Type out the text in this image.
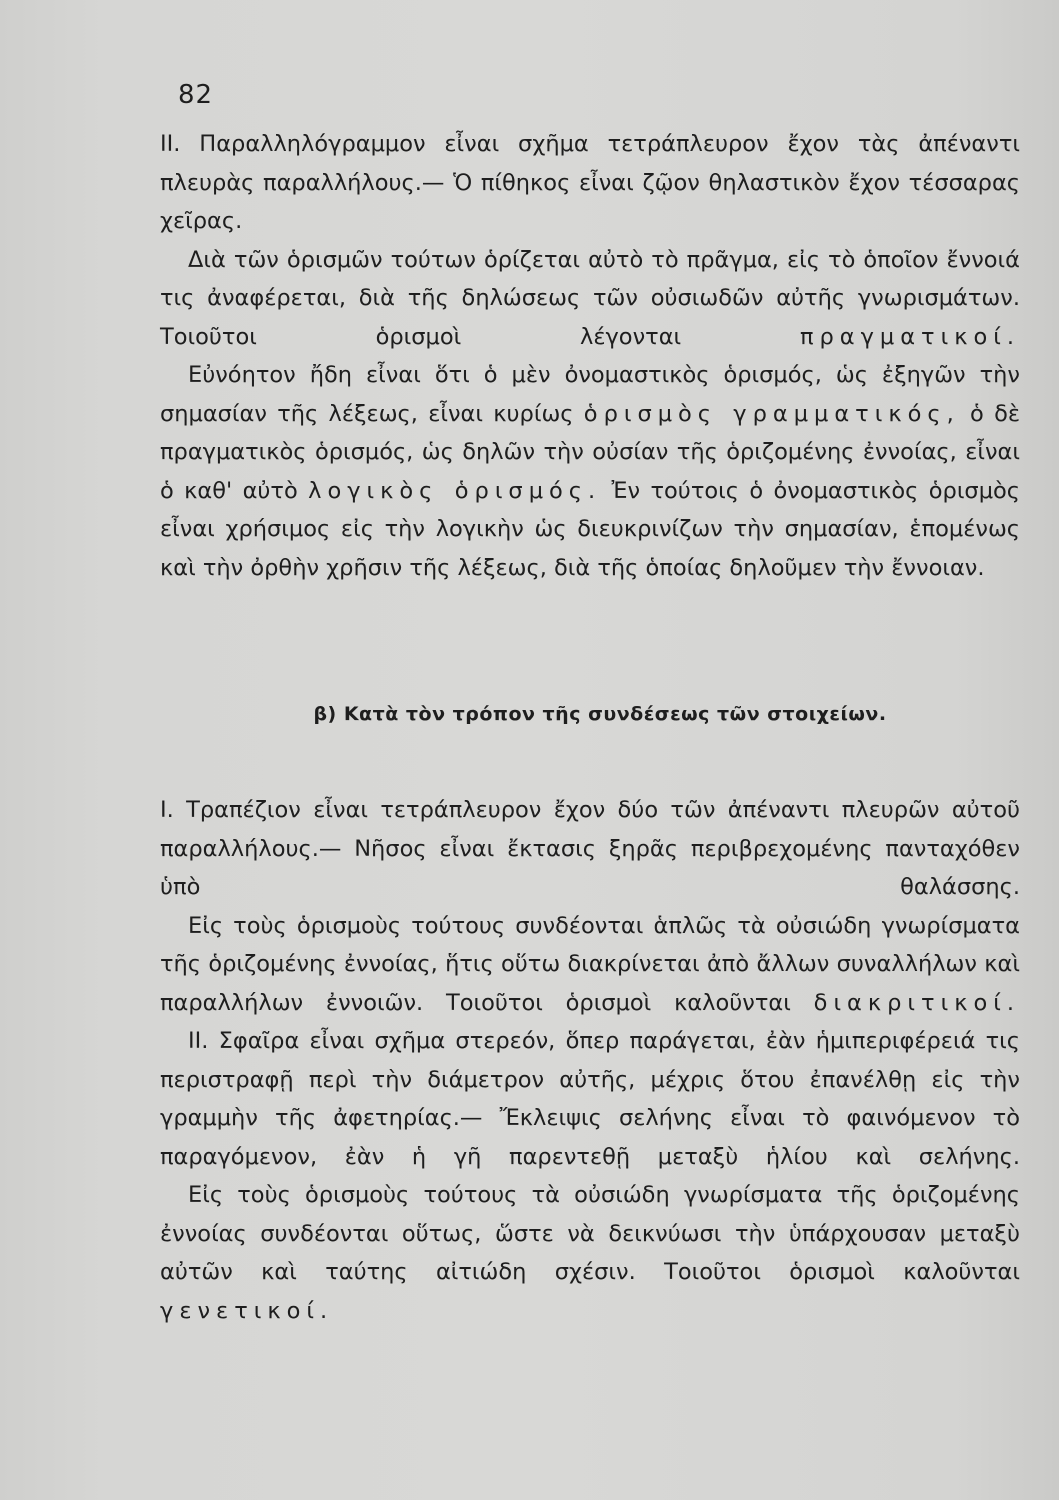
82

ΙΙ. Παραλληλόγραμμον εἶναι σχῆμα τετράπλευρον ἔχον τὰς ἀπέναντι πλευρὰς παραλλήλους.— Ὁ πίθηκος εἶναι ζῷον θηλαστικὸν ἔχον τέσσαρας χεῖρας.

Διὰ τῶν ὁρισμῶν τούτων ὁρίζεται αὐτὸ τὸ πρᾶγμα, εἰς τὸ ὁποῖον ἔννοιά τις ἀναφέρεται, διὰ τῆς δηλώσεως τῶν οὐσιωδῶν αὐτῆς γνωρισμάτων. Τοιοῦτοι ὁρισμοὶ λέγονται	πραγματικοί.

Εὐνόητον ἤδη εἶναι ὅτι ὁ μὲν ὀνομαστικὸς ὁρισμός, ὡς ἐξηγῶν τὴν σημασίαν τῆς λέξεως, εἶναι κυρίως ὁρισμὸς γραμματικός, ὁ δὲ πραγματικὸς ὁρισμός, ὡς δηλῶν τὴν οὐσίαν τῆς ὁριζομένης ἐννοίας, εἶναι ὁ καθ' αὐτὸ λογικὸς ὁρισμός. Ἐν τούτοις ὁ ὀνομαστικὸς ὁρισμὸς εἶναι χρήσιμος εἰς τὴν λογικὴν ὡς διευκρινίζων τὴν σημασίαν, ἑπομένως καὶ τὴν ὀρθὴν χρῆσιν τῆς λέξεως, διὰ τῆς ὁποίας δηλοῦμεν τὴν ἔννοιαν.

β) Κατὰ τὸν τρόπον τῆς συνδέσεως τῶν στοιχείων.

Ι. Τραπέζιον εἶναι τετράπλευρον ἔχον δύο τῶν ἀπέναντι πλευρῶν αὐτοῦ παραλλήλους.— Νῆσος εἶναι ἔκτασις ξηρᾶς περιβρεχομένης πανταχόθεν ὑπὸ θαλάσσης.

Εἰς τοὺς ὁρισμοὺς τούτους συνδέονται ἁπλῶς τὰ οὐσιώδη γνωρίσματα τῆς ὁριζομένης ἐννοίας, ἥτις οὕτω διακρίνεται ἀπὸ ἄλλων συναλλήλων καὶ παραλλήλων ἐννοιῶν. Τοιοῦτοι ὁρισμοὶ καλοῦνται διακριτικοί.

ΙΙ. Σφαῖρα εἶναι σχῆμα στερεόν, ὅπερ παράγεται, ἐὰν ἡμιπεριφέρειά τις περιστραφῇ περὶ τὴν διάμετρον αὐτῆς, μέχρις ὅτου ἐπανέλθῃ εἰς τὴν γραμμὴν τῆς ἀφετηρίας.— Ἔκλειψις σελήνης εἶναι τὸ φαινόμενον τὸ παραγόμενον, ἐὰν ἡ γῆ παρεντεθῇ μεταξὺ ἡλίου καὶ σελήνης.

Εἰς τοὺς ὁρισμοὺς τούτους τὰ οὐσιώδη γνωρίσματα τῆς ὁριζομένης ἐννοίας συνδέονται οὕτως, ὥστε νὰ δεικνύωσι τὴν ὑπάρχουσαν μεταξὺ αὐτῶν καὶ ταύτης αἰτιώδη σχέσιν. Τοιοῦτοι ὁρισμοὶ καλοῦνται γενετικοί.
